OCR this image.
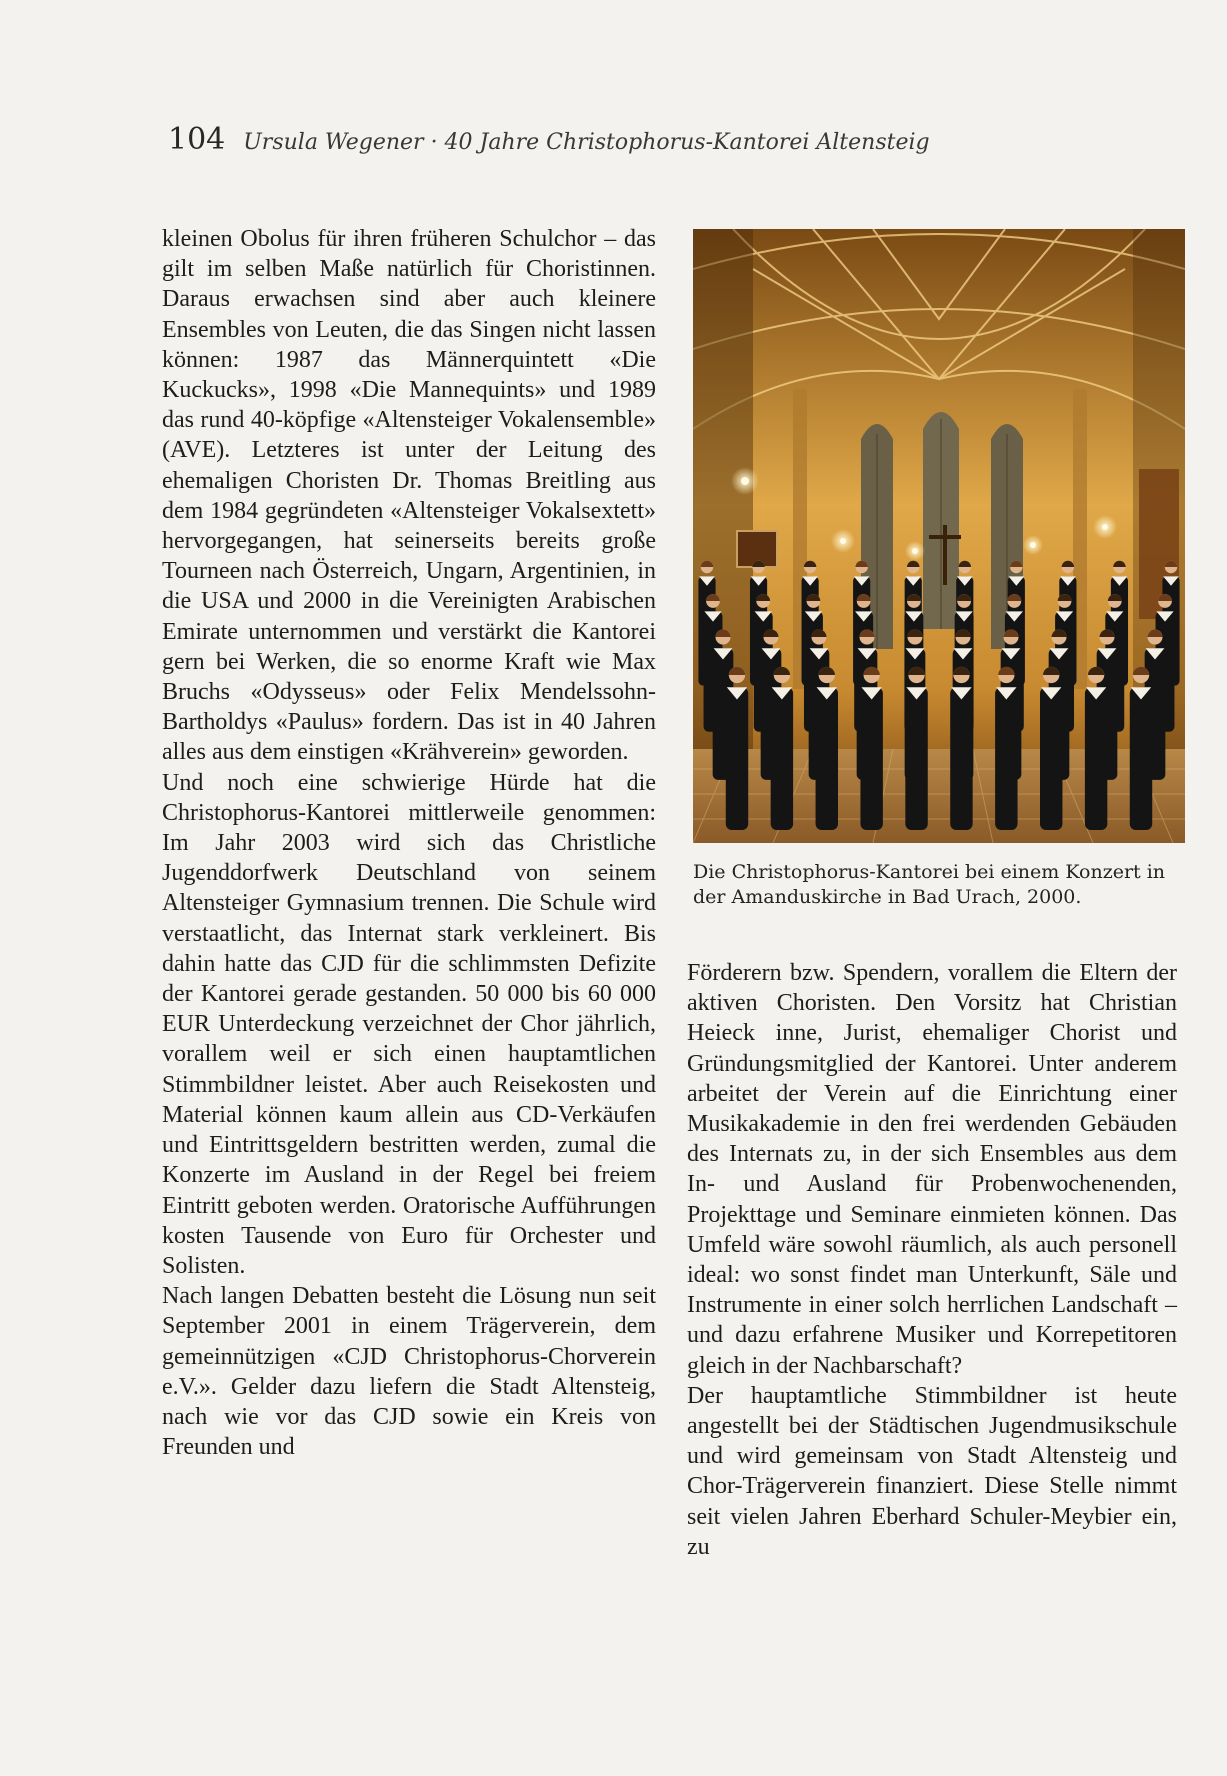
104 Ursula Wegener · 40 Jahre Christophorus-Kantorei Altensteig

kleinen Obolus für ihren früheren Schulchor – das gilt im selben Maße natürlich für Choristinnen. Daraus erwachsen sind aber auch kleinere Ensembles von Leuten, die das Singen nicht lassen können: 1987 das Männerquintett «Die Kuckucks», 1998 «Die Mannequints» und 1989 das rund 40-köpfige «Altensteiger Vokalensemble» (AVE). Letzteres ist unter der Leitung des ehemaligen Choristen Dr. Thomas Breitling aus dem 1984 gegründeten «Altensteiger Vokalsextett» hervorgegangen, hat seinerseits bereits große Tourneen nach Österreich, Ungarn, Argentinien, in die USA und 2000 in die Vereinigten Arabischen Emirate unternommen und verstärkt die Kantorei gern bei Werken, die so enorme Kraft wie Max Bruchs «Odysseus» oder Felix Mendelssohn-Bartholdys «Paulus» fordern. Das ist in 40 Jahren alles aus dem einstigen «Krähverein» geworden.

Und noch eine schwierige Hürde hat die Christophorus-Kantorei mittlerweile genommen: Im Jahr 2003 wird sich das Christliche Jugenddorfwerk Deutschland von seinem Altensteiger Gymnasium trennen. Die Schule wird verstaatlicht, das Internat stark verkleinert. Bis dahin hatte das CJD für die schlimmsten Defizite der Kantorei gerade gestanden. 50 000 bis 60 000 EUR Unterdeckung verzeichnet der Chor jährlich, vorallem weil er sich einen hauptamtlichen Stimmbildner leistet. Aber auch Reisekosten und Material können kaum allein aus CD-Verkäufen und Eintrittsgeldern bestritten werden, zumal die Konzerte im Ausland in der Regel bei freiem Eintritt geboten werden. Oratorische Aufführungen kosten Tausende von Euro für Orchester und Solisten.

Nach langen Debatten besteht die Lösung nun seit September 2001 in einem Trägerverein, dem gemeinnützigen «CJD Christophorus-Chorverein e.V.». Gelder dazu liefern die Stadt Altensteig, nach wie vor das CJD sowie ein Kreis von Freunden und

Die Christophorus-Kantorei bei einem Konzert in der Amanduskirche in Bad Urach, 2000.

Förderern bzw. Spendern, vorallem die Eltern der aktiven Choristen. Den Vorsitz hat Christian Heieck inne, Jurist, ehemaliger Chorist und Gründungsmitglied der Kantorei. Unter anderem arbeitet der Verein auf die Einrichtung einer Musikakademie in den frei werdenden Gebäuden des Internats zu, in der sich Ensembles aus dem In- und Ausland für Probenwochenenden, Projekttage und Seminare einmieten können. Das Umfeld wäre sowohl räumlich, als auch personell ideal: wo sonst findet man Unterkunft, Säle und Instrumente in einer solch herrlichen Landschaft – und dazu erfahrene Musiker und Korrepetitoren gleich in der Nachbarschaft?

Der hauptamtliche Stimmbildner ist heute angestellt bei der Städtischen Jugendmusikschule und wird gemeinsam von Stadt Altensteig und Chor-Trägerverein finanziert. Diese Stelle nimmt seit vielen Jahren Eberhard Schuler-Meybier ein, zu
